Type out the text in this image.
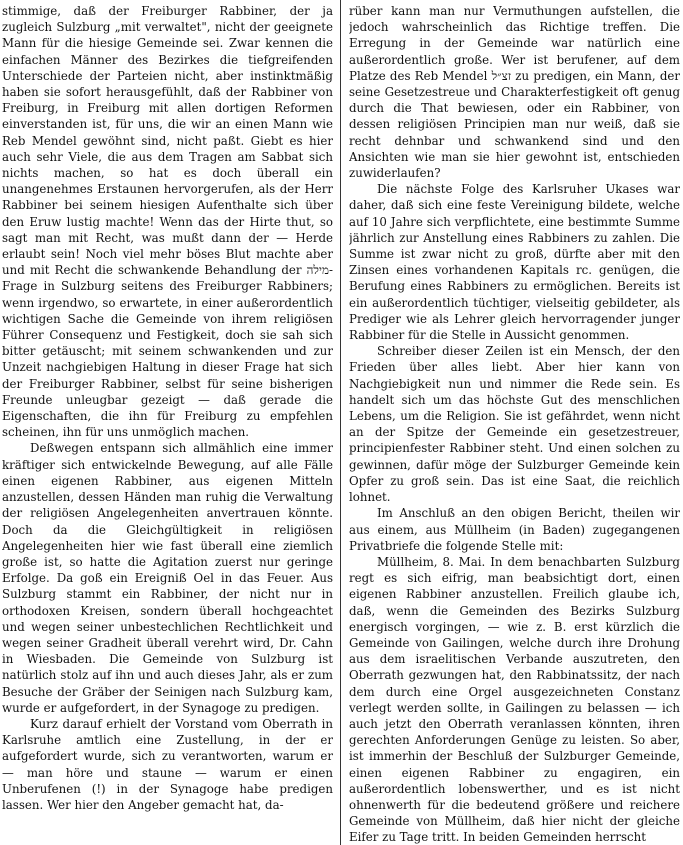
stimmige, daß der Freiburger Rabbiner, der ja zugleich Sulzburg „mit verwaltet", nicht der geeignete Mann für die hiesige Gemeinde sei. Zwar kennen die einfachen Männer des Bezirkes die tiefgreifenden Unterschiede der Parteien nicht, aber instinktmäßig haben sie sofort herausgefühlt, daß der Rabbiner von Freiburg, in Freiburg mit allen dortigen Reformen einverstanden ist, für uns, die wir an einen Mann wie Reb Mendel gewöhnt sind, nicht paßt. Giebt es hier auch sehr Viele, die aus dem Tragen am Sabbat sich nichts machen, so hat es doch überall ein unangenehmes Erstaunen hervorgerufen, als der Herr Rabbiner bei seinem hiesigen Aufenthalte sich über den Eruw lustig machte! Wenn das der Hirte thut, so sagt man mit Recht, was mußt dann der — Herde erlaubt sein! Noch viel mehr böses Blut machte aber und mit Recht die schwankende Behandlung der ‏מילה‏-Frage in Sulzburg seitens des Freiburger Rabbiners; wenn irgendwo, so erwartete, in einer außerordentlich wichtigen Sache die Gemeinde von ihrem religiösen Führer Consequenz und Festigkeit, doch sie sah sich bitter getäuscht; mit seinem schwankenden und zur Unzeit nachgiebigen Haltung in dieser Frage hat sich der Freiburger Rabbiner, selbst für seine bisherigen Freunde unleugbar gezeigt — daß gerade die Eigenschaften, die ihn für Freiburg zu empfehlen scheinen, ihn für uns unmöglich machen.

Deßwegen entspann sich allmählich eine immer kräftiger sich entwickelnde Bewegung, auf alle Fälle einen eigenen Rabbiner, aus eigenen Mitteln anzustellen, dessen Händen man ruhig die Verwaltung der religiösen Angelegenheiten anvertrauen könnte. Doch da die Gleichgültigkeit in religiösen Angelegenheiten hier wie fast überall eine ziemlich große ist, so hatte die Agitation zuerst nur geringe Erfolge. Da goß ein Ereigniß Oel in das Feuer. Aus Sulzburg stammt ein Rabbiner, der nicht nur in orthodoxen Kreisen, sondern überall hochgeachtet und wegen seiner unbestechlichen Rechtlichkeit und wegen seiner Gradheit überall verehrt wird, Dr. Cahn in Wiesbaden. Die Gemeinde von Sulzburg ist natürlich stolz auf ihn und auch dieses Jahr, als er zum Besuche der Gräber der Seinigen nach Sulzburg kam, wurde er aufgefordert, in der Synagoge zu predigen.

Kurz darauf erhielt der Vorstand vom Oberrath in Karlsruhe amtlich eine Zustellung, in der er aufgefordert wurde, sich zu verantworten, warum er — man höre und staune — warum er einen Unberufenen (!) in der Synagoge habe predigen lassen. Wer hier den Angeber gemacht hat, da-

rüber kann man nur Vermuthungen aufstellen, die jedoch wahrscheinlich das Richtige treffen. Die Erregung in der Gemeinde war natürlich eine außerordentlich große. Wer ist berufener, auf dem Platze des Reb Mendel ‏זצ״ל‏ zu predigen, ein Mann, der seine Gesetzestreue und Charakterfestigkeit oft genug durch die That bewiesen, oder ein Rabbiner, von dessen religiösen Principien man nur weiß, daß sie recht dehnbar und schwankend sind und den Ansichten wie man sie hier gewohnt ist, entschieden zuwiderlaufen?

Die nächste Folge des Karlsruher Ukases war daher, daß sich eine feste Vereinigung bildete, welche auf 10 Jahre sich verpflichtete, eine bestimmte Summe jährlich zur Anstellung eines Rabbiners zu zahlen. Die Summe ist zwar nicht zu groß, dürfte aber mit den Zinsen eines vorhandenen Kapitals rc. genügen, die Berufung eines Rabbiners zu ermöglichen. Bereits ist ein außerordentlich tüchtiger, vielseitig gebildeter, als Prediger wie als Lehrer gleich hervorragender junger Rabbiner für die Stelle in Aussicht genommen.

Schreiber dieser Zeilen ist ein Mensch, der den Frieden über alles liebt. Aber hier kann von Nachgiebigkeit nun und nimmer die Rede sein. Es handelt sich um das höchste Gut des menschlichen Lebens, um die Religion. Sie ist gefährdet, wenn nicht an der Spitze der Gemeinde ein gesetzestreuer, principienfester Rabbiner steht. Und einen solchen zu gewinnen, dafür möge der Sulzburger Gemeinde kein Opfer zu groß sein. Das ist eine Saat, die reichlich lohnet.

Im Anschluß an den obigen Bericht, theilen wir aus einem, aus Müllheim (in Baden) zugegangenen Privatbriefe die folgende Stelle mit:

Müllheim, 8. Mai. In dem benachbarten Sulzburg regt es sich eifrig, man beabsichtigt dort, einen eigenen Rabbiner anzustellen. Freilich glaube ich, daß, wenn die Gemeinden des Bezirks Sulzburg energisch vorgingen, — wie z. B. erst kürzlich die Gemeinde von Gailingen, welche durch ihre Drohung aus dem israelitischen Verbande auszutreten, den Oberrath gezwungen hat, den Rabbinatssitz, der nach dem durch eine Orgel ausgezeichneten Constanz verlegt werden sollte, in Gailingen zu belassen — ich auch jetzt den Oberrath veranlassen könnten, ihren gerechten Anforderungen Genüge zu leisten. So aber, ist immerhin der Beschluß der Sulzburger Gemeinde, einen eigenen Rabbiner zu engagiren, ein außerordentlich lobenswerther, und es ist nicht ohnenwerth für die bedeutend größere und reichere Gemeinde von Müllheim, daß hier nicht der gleiche Eifer zu Tage tritt. In beiden Gemeinden herrscht
